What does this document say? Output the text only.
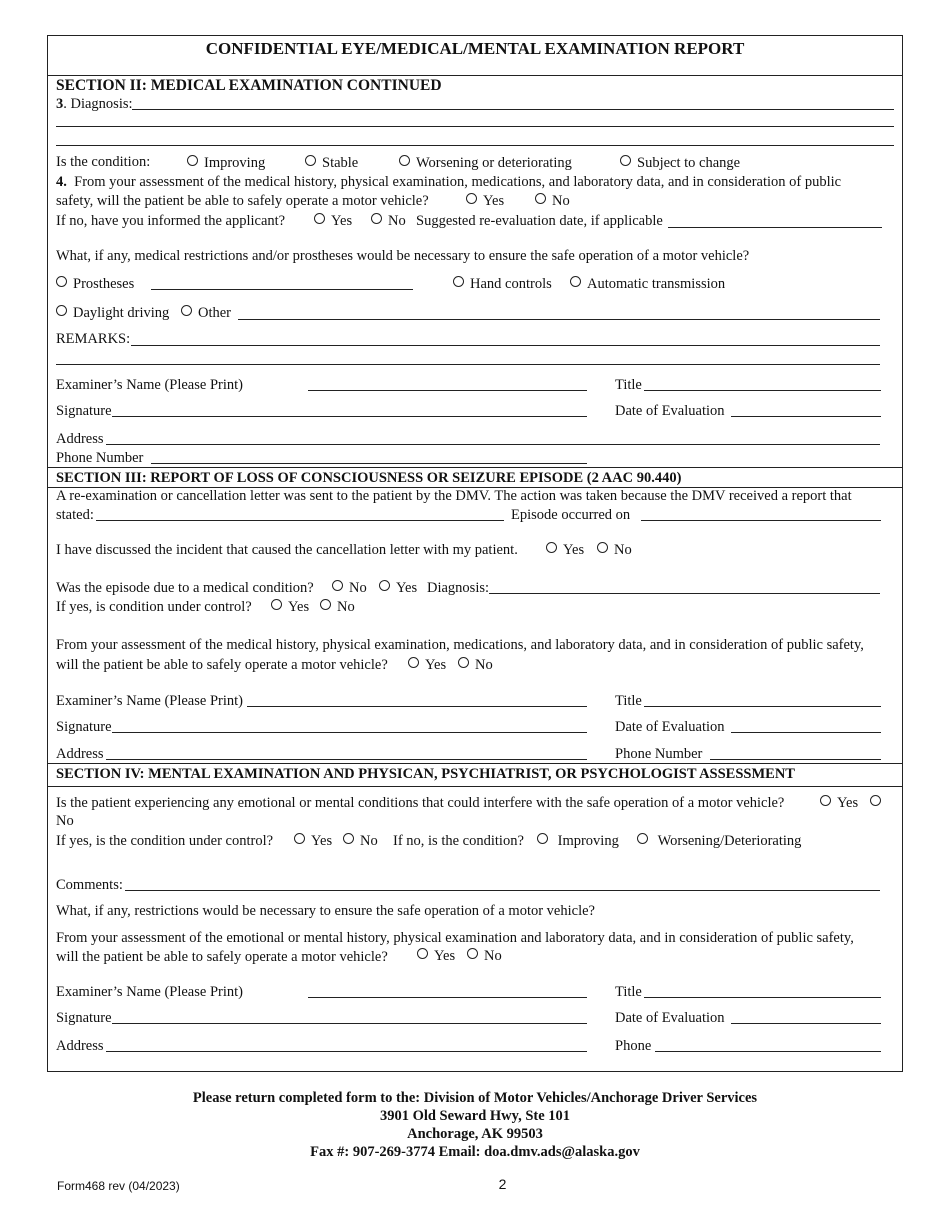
CONFIDENTIAL EYE/MEDICAL/MENTAL EXAMINATION REPORT
SECTION II: MEDICAL EXAMINATION CONTINUED
3. Diagnosis:
Is the condition:	Improving	Stable	Worsening or deteriorating	Subject to change
4. From your assessment of the medical history, physical examination, medications, and laboratory data, and in consideration of public
safety, will the patient be able to safely operate a motor vehicle?	Yes	No
If no, have you informed the applicant?	Yes	No Suggested re-evaluation date, if applicable
What, if any, medical restrictions and/or prostheses would be necessary to ensure the safe operation of a motor vehicle?
Prostheses	Hand controls	Automatic transmission
Daylight driving	Other
REMARKS:
Examiner’s Name (Please Print)	Title
Signature	Date of Evaluation
Address
Phone Number
SECTION III: REPORT OF LOSS OF CONSCIOUSNESS OR SEIZURE EPISODE (2 AAC 90.440)
A re-examination or cancellation letter was sent to the patient by the DMV. The action was taken because the DMV received a report that
stated:	Episode occurred on
I have discussed the incident that caused the cancellation letter with my patient.	Yes	No
Was the episode due to a medical condition?	No	Yes Diagnosis:
If yes, is condition under control?	Yes	No
From your assessment of the medical history, physical examination, medications, and laboratory data, and in consideration of public safety,
will the patient be able to safely operate a motor vehicle?	Yes	No
Examiner’s Name (Please Print)	Title
Signature	Date of Evaluation
Address	Phone Number
SECTION IV: MENTAL EXAMINATION AND PHYSICAN, PSYCHIATRIST, OR PSYCHOLOGIST ASSESSMENT
Is the patient experiencing any emotional or mental conditions that could interfere with the safe operation of a motor vehicle?	Yes
No
If yes, is the condition under control?	Yes	No If no, is the condition?	Improving	Worsening/Deteriorating
Comments:
What, if any, restrictions would be necessary to ensure the safe operation of a motor vehicle?
From your assessment of the emotional or mental history, physical examination and laboratory data, and in consideration of public safety,
will the patient be able to safely operate a motor vehicle?	Yes	No
Examiner’s Name (Please Print)	Title
Signature	Date of Evaluation
Address	Phone
Please return completed form to the: Division of Motor Vehicles/Anchorage Driver Services
3901 Old Seward Hwy, Ste 101
Anchorage, AK 99503
Fax #: 907-269-3774 Email: doa.dmv.ads@alaska.gov
Form468 rev (04/2023)	2
